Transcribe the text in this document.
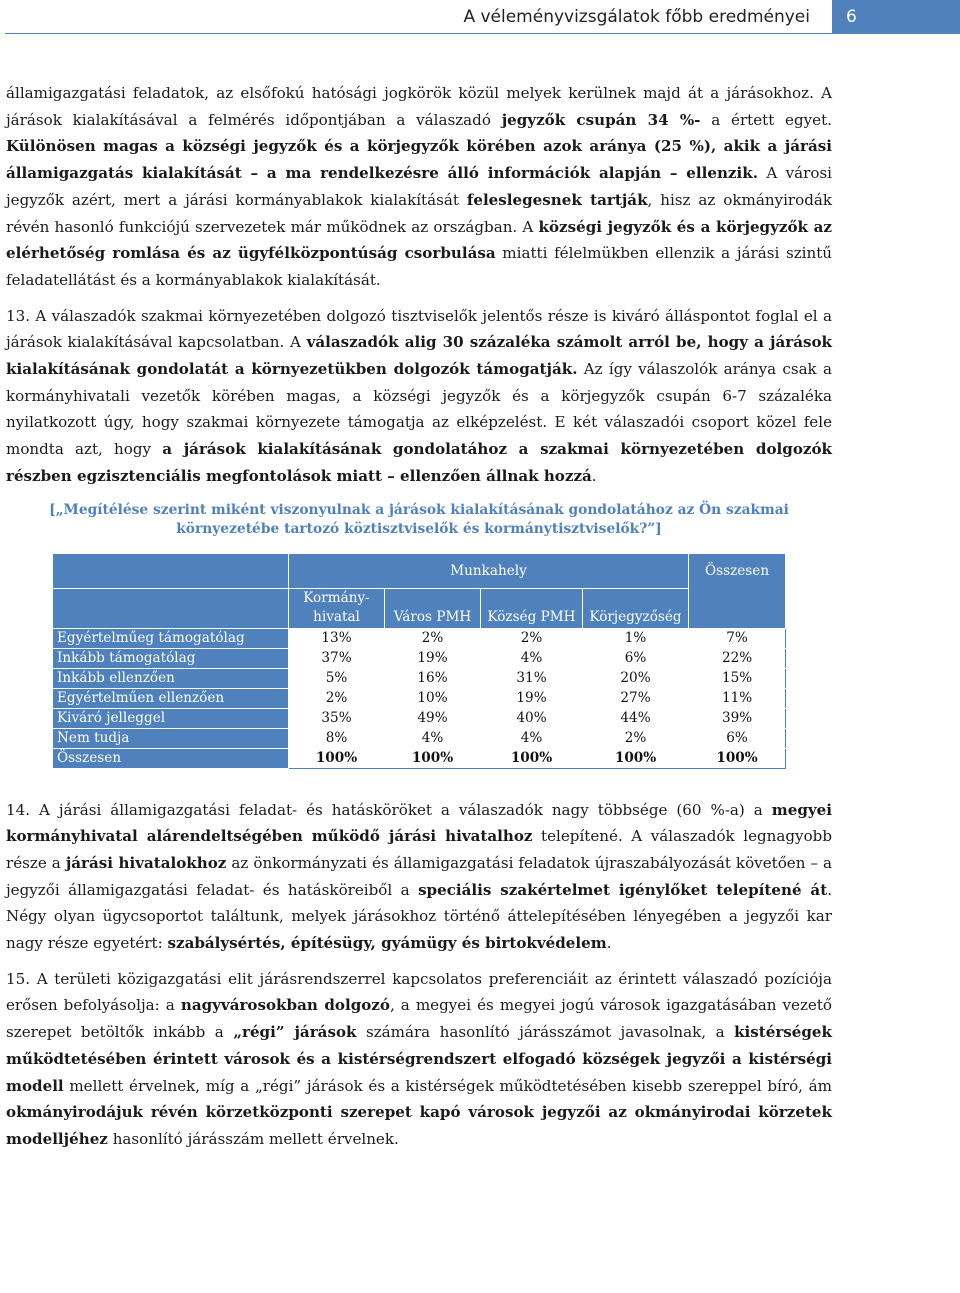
A véleményvizsgálatok főbb eredményei	6

államigazgatási feladatok, az elsőfokú hatósági jogkörök közül melyek kerülnek majd át a járásokhoz. A járások kialakításával a felmérés időpontjában a válaszadó jegyzők csupán 34 %- a értett egyet. Különösen magas a községi jegyzők és a körjegyzők körében azok aránya (25 %), akik a járási államigazgatás kialakítását – a ma rendelkezésre álló információk alapján – ellenzik. A városi jegyzők azért, mert a járási kormányablakok kialakítását feleslegesnek tartják, hisz az okmányirodák révén hasonló funkciójú szervezetek már működnek az országban. A községi jegyzők és a körjegyzők az elérhetőség romlása és az ügyfélközpontúság csorbulása miatti félelmükben ellenzik a járási szintű feladatellátást és a kormányablakok kialakítását.

13. A válaszadók szakmai környezetében dolgozó tisztviselők jelentős része is kiváró álláspontot foglal el a járások kialakításával kapcsolatban. A válaszadók alig 30 százaléka számolt arról be, hogy a járások kialakításának gondolatát a környezetükben dolgozók támogatják. Az így válaszolók aránya csak a kormányhivatali vezetők körében magas, a községi jegyzők és a körjegyzők csupán 6-7 százaléka nyilatkozott úgy, hogy szakmai környezete támogatja az elképzelést. E két válaszadói csoport közel fele mondta azt, hogy a járások kialakításának gondolatához a szakmai környezetében dolgozók részben egzisztenciális megfontolások miatt – ellenzően állnak hozzá.

[„Megítélése szerint miként viszonyulnak a járások kialakításának gondolatához az Ön szakmai környezetébe tartozó köztisztviselők és kormánytisztviselők?”]
	Munkahely				Összesen
	Kormány-hivatal	Város PMH	Község PMH	Körjegyzőség	
Egyértelműeg támogatólag	13%	2%	2%	1%	7%
Inkább támogatólag	37%	19%	4%	6%	22%
Inkább ellenzően	5%	16%	31%	20%	15%
Egyértelműen ellenzően	2%	10%	19%	27%	11%
Kiváró jelleggel	35%	49%	40%	44%	39%
Nem tudja	8%	4%	4%	2%	6%
Összesen	100%	100%	100%	100%	100%

14. A járási államigazgatási feladat- és hatásköröket a válaszadók nagy többsége (60 %-a) a megyei kormányhivatal alárendeltségében működő járási hivatalhoz telepítené. A válaszadók legnagyobb része a járási hivatalokhoz az önkormányzati és államigazgatási feladatok újraszabályozását követően – a jegyzői államigazgatási feladat- és hatásköreiből a speciális szakértelmet igénylőket telepítené át. Négy olyan ügycsoportot találtunk, melyek járásokhoz történő áttelepítésében lényegében a jegyzői kar nagy része egyetért: szabálysértés, építésügy, gyámügy és birtokvédelem.

15. A területi közigazgatási elit járásrendszerrel kapcsolatos preferenciáit az érintett válaszadó pozíciója erősen befolyásolja: a nagyvárosokban dolgozó, a megyei és megyei jogú városok igazgatásában vezető szerepet betöltők inkább a „régi” járások számára hasonlító járásszámot javasolnak, a kistérségek működtetésében érintett városok és a kistérségrendszert elfogadó községek jegyzői a kistérségi modell mellett érvelnek, míg a „régi” járások és a kistérségek működtetésében kisebb szereppel bíró, ám okmányirodájuk révén körzetközponti szerepet kapó városok jegyzői az okmányirodai körzetek modelljéhez hasonlító járásszám mellett érvelnek.
